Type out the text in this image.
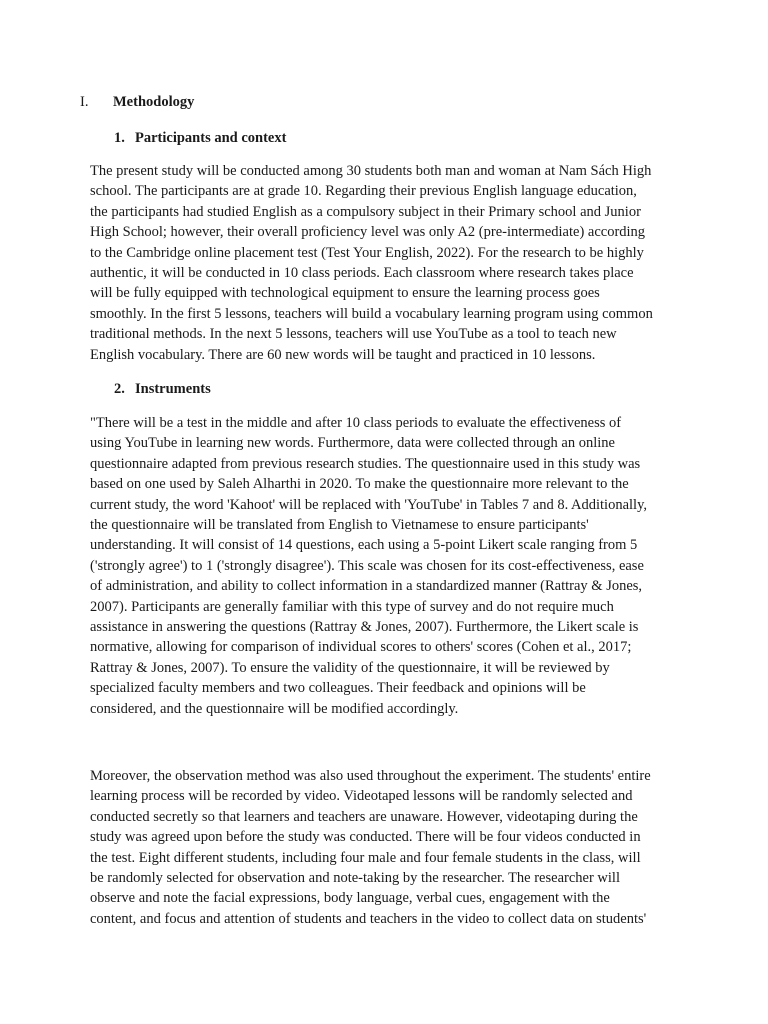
I. Methodology
1. Participants and context
The present study will be conducted among 30 students both man and woman at Nam Sách High
school. The participants are at grade 10. Regarding their previous English language education,
the participants had studied English as a compulsory subject in their Primary school and Junior
High School; however, their overall proficiency level was only A2 (pre-intermediate) according
to the Cambridge online placement test (Test Your English, 2022). For the research to be highly
authentic, it will be conducted in 10 class periods. Each classroom where research takes place
will be fully equipped with technological equipment to ensure the learning process goes
smoothly. In the first 5 lessons, teachers will build a vocabulary learning program using common
traditional methods. In the next 5 lessons, teachers will use YouTube as a tool to teach new
English vocabulary. There are 60 new words will be taught and practiced in 10 lessons.
2. Instruments
"There will be a test in the middle and after 10 class periods to evaluate the effectiveness of
using YouTube in learning new words. Furthermore, data were collected through an online
questionnaire adapted from previous research studies. The questionnaire used in this study was
based on one used by Saleh Alharthi in 2020. To make the questionnaire more relevant to the
current study, the word 'Kahoot' will be replaced with 'YouTube' in Tables 7 and 8. Additionally,
the questionnaire will be translated from English to Vietnamese to ensure participants'
understanding. It will consist of 14 questions, each using a 5-point Likert scale ranging from 5
('strongly agree') to 1 ('strongly disagree'). This scale was chosen for its cost-effectiveness, ease
of administration, and ability to collect information in a standardized manner (Rattray & Jones,
2007). Participants are generally familiar with this type of survey and do not require much
assistance in answering the questions (Rattray & Jones, 2007). Furthermore, the Likert scale is
normative, allowing for comparison of individual scores to others' scores (Cohen et al., 2017;
Rattray & Jones, 2007). To ensure the validity of the questionnaire, it will be reviewed by
specialized faculty members and two colleagues. Their feedback and opinions will be
considered, and the questionnaire will be modified accordingly.
Moreover, the observation method was also used throughout the experiment. The students' entire
learning process will be recorded by video. Videotaped lessons will be randomly selected and
conducted secretly so that learners and teachers are unaware. However, videotaping during the
study was agreed upon before the study was conducted. There will be four videos conducted in
the test. Eight different students, including four male and four female students in the class, will
be randomly selected for observation and note-taking by the researcher. The researcher will
observe and note the facial expressions, body language, verbal cues, engagement with the
content, and focus and attention of students and teachers in the video to collect data on students'
